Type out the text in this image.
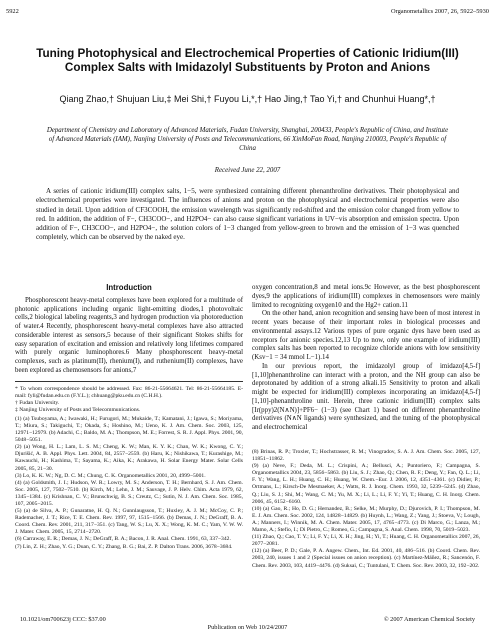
5922	Organometallics 2007, 26, 5922–5930
Tuning Photophysical and Electrochemical Properties of Cationic Iridium(III) Complex Salts with Imidazolyl Substituents by Proton and Anions
Qiang Zhao,† Shujuan Liu,‡ Mei Shi,† Fuyou Li,*,† Hao Jing,† Tao Yi,† and Chunhui Huang*,†
Department of Chemistry and Laboratory of Advanced Materials, Fudan University, Shanghai, 200433, People's Republic of China, and Institute of Advanced Materials (IAM), Nanjing University of Posts and Telecommunications, 66 XinMoFan Road, Nanjing 210003, People's Republic of China
Received June 22, 2007
A series of cationic iridium(III) complex salts, 1−5, were synthesized containing different phenanthroline derivatives. Their photophysical and electrochemical properties were investigated. The influences of anions and proton on the photophysical and electrochemical properties were also studied in detail. Upon addition of CF3COOH, the emission wavelength was significantly red-shifted and the emission color changed from yellow to red. In addition, the addition of F−, CH3COO−, and H2PO4− can also cause significant variations in UV−vis absorption and emission spectra. Upon addition of F−, CH3COO−, and H2PO4−, the solution colors of 1−3 changed from yellow-green to brown and the emission of 1−3 was quenched completely, which can be observed by the naked eye.
Introduction

Phosphorescent heavy-metal complexes have been explored for a multitude of photonic applications including organic light-emitting diodes,1 photovoltaic cells,2 biological labeling reagents,3 and hydrogen production via photoreduction of water.4 Recently, phosphorescent heavy-metal complexes have also attracted considerable interest as sensors,5 because of their significant Stokes shifts for easy separation of excitation and emission and relatively long lifetimes compared with purely organic luminophores.6 Many phosphorescent heavy-metal complexes, such as platinum(II), rhenium(I), and ruthenium(II) complexes, have been explored as chemosensors for anions,7

* To whom correspondence should be addressed. Fax: 86-21-55664621. Tel: 86-21-55664185. E-mail: fyli@fudan.edu.cn (F.Y.L.); chhuang@pku.edu.cn (C.H.H.).
† Fudan University.
‡ Nanjing University of Posts and Telecommunications.
(1) (a) Tsuboyama, A.; Iwawaki, H.; Furugori, M.; Mukaide, T.; Kamatani, J.; Igawa, S.; Moriyama, T.; Miura, S.; Takiguchi, T.; Okada, S.; Hoshino, M.; Ueno, K. J. Am. Chem. Soc. 2003, 125, 12971−12979. (b) Adachi, C.; Baldo, M. A.; Thompson, M. E.; Forrest, S. R. J. Appl. Phys. 2001, 90, 5048−5051.
(2) (a) Wong, H. L.; Lam, L. S. M.; Cheng, K. W.; Man, K. Y. K.; Chan, W. K.; Kwong, C. Y.; Djurišić, A. B. Appl. Phys. Lett. 2004, 84, 2557−2559. (b) Haru, K.; Nishikawa, T.; Kurashige, M.; Kawauchi, H.; Kashima, T.; Sayama, K.; Aika, K.; Arakawa, H. Solar Energy Mater. Solar Cells 2005, 85, 21−30.
(3) Lo, K. K. W.; Ng, D. C. M.; Chung, C. K. Organometallics 2001, 20, 4999−5001.
(4) (a) Goldsmith, J. I.; Hudson, W. R.; Lowry, M. S.; Anderson, T. H.; Bernhard, S. J. Am. Chem. Soc. 2005, 127, 7502−7510. (b) Kirch, M.; Lehn, J. M.; Sauvage, J. P. Helv. Chim. Acta 1979, 62, 1345−1384. (c) Krishnan, C. V.; Brunschwig, B. S.; Creutz, C.; Sutin, N. J. Am. Chem. Soc. 1985, 107, 2005−2015.
(5) (a) de Silva, A. P.; Gunaratne, H. Q. N.; Gunnlaugsson, T.; Huxley, A. J. M.; McCoy, C. P.; Rademacher, J. T.; Rice, T. E. Chem. Rev. 1997, 97, 1515−1566. (b) Demas, J. N.; DeGraff, B. A. Coord. Chem. Rev. 2001, 211, 317−351. (c) Tang, W. S.; Lu, X. X.; Wong, K. M. C.; Yam, V. W. W. J. Mater. Chem. 2005, 15, 2714−2720.
(6) Carraway, E. R.; Demas, J. N.; DeGraff, B. A.; Bacon, J. R. Anal. Chem. 1991, 63, 337−342.
(7) Lin, Z. H.; Zhao, Y. G.; Duan, C. Y.; Zhang, B. G.; Bai, Z. P. Dalton Trans. 2006, 3678−3684.

oxygen concentration,8 and metal ions.9c However, as the best phosphorescent dyes,9 the applications of iridium(III) complexes in chemosensors were mainly limited to recognizing oxygen10 and the Hg2+ cation.11

On the other hand, anion recognition and sensing have been of most interest in recent years because of their important roles in biological processes and environmental assays.12 Various types of pure organic dyes have been used as receptors for anionic species.12,13 Up to now, only one example of iridium(III) complex salts has been reported to recognize chloride anions with low sensitivity (Ksv−1 = 34 mmol L−1).14

In our previous report, the imidazolyl group of imidazo[4,5-f][1,10]phenanthroline can interact with a proton, and the NH group can also be deprotonated by addition of a strong alkali.15 Sensitivity to proton and alkali might be expected for iridium(III) complexes incorporating an imidazo[4,5-f][1,10]-phenanthroline unit. Herein, three cationic iridium(III) complex salts [Ir(ppy)2(N∧N)]+PF6− (1−3) (see Chart 1) based on different phenanthroline derivatives (N∧N ligands) were synthesized, and the tuning of the photophysical and electrochemical

(8) Brinas, R. P.; Troxler, T.; Hochstrasser, R. M.; Vinogradov, S. A. J. Am. Chem. Soc. 2005, 127, 11851−11862.
(9) (a) Neve, F.; Deda, M. L.; Crispini, A.; Bellusci, A.; Puntoriero, F.; Campagna, S. Organometallics 2004, 23, 5856−5863. (b) Liu, S. J.; Zhao, Q.; Chen, R. F.; Deng, Y.; Fan, Q. L.; Li, F. Y.; Wang, L. H.; Huang, C. H.; Huang, W. Chem.−Eur. J. 2006, 12, 4351−4361. (c) Didier, P.; Ortmans, L.; Kirsch-De Mesmaeker, A.; Watts, R. J. Inorg. Chem. 1993, 32, 5239−5245. (d) Zhao, Q.; Liu, S. J.; Shi, M.; Wang, C. M.; Yu, M. X.; Li, L.; Li, F. Y.; Yi, T.; Huang, C. H. Inorg. Chem. 2006, 45, 6152−6160.
(10) (a) Gao, R.; Ho, D. G.; Hernandez, B.; Selke, M.; Murphy, D.; Djurovich, P. I.; Thompson, M. E. J. Am. Chem. Soc. 2002, 124, 14828−14829. (b) Huynh, L.; Wang, Z.; Yang, J.; Stoeva, V.; Lough, A.; Manners, I.; Winnik, M. A. Chem. Mater. 2005, 17, 4765−4773. (c) Di Marco, G.; Lanza, M.; Mamo, A.; Stefio, I.; Di Pietro, C.; Romeo, G.; Campagna, S. Anal. Chem. 1998, 70, 5019−5023.
(11) Zhao, Q.; Cao, T. Y.; Li, F. Y.; Li, X. H.; Jing, H.; Yi, T.; Huang, C. H. Organometallics 2007, 26, 2077−2081.
(12) (a) Beer, P. D.; Gale, P. A. Angew. Chem., Int. Ed. 2001, 40, 486−516. (b) Coord. Chem. Rev. 2003, 240, issues 1 and 2 (Special issues on anion reception). (c) Martínez-Máñez, R.; Sancenón, F. Chem. Rev. 2003, 103, 4419−4476. (d) Suksai, C.; Tuntulani, T. Chem. Soc. Rev. 2003, 32, 192−202.
10.1021/om700623j CCC: $37.00	© 2007 American Chemical Society
Publication on Web 10/24/2007
